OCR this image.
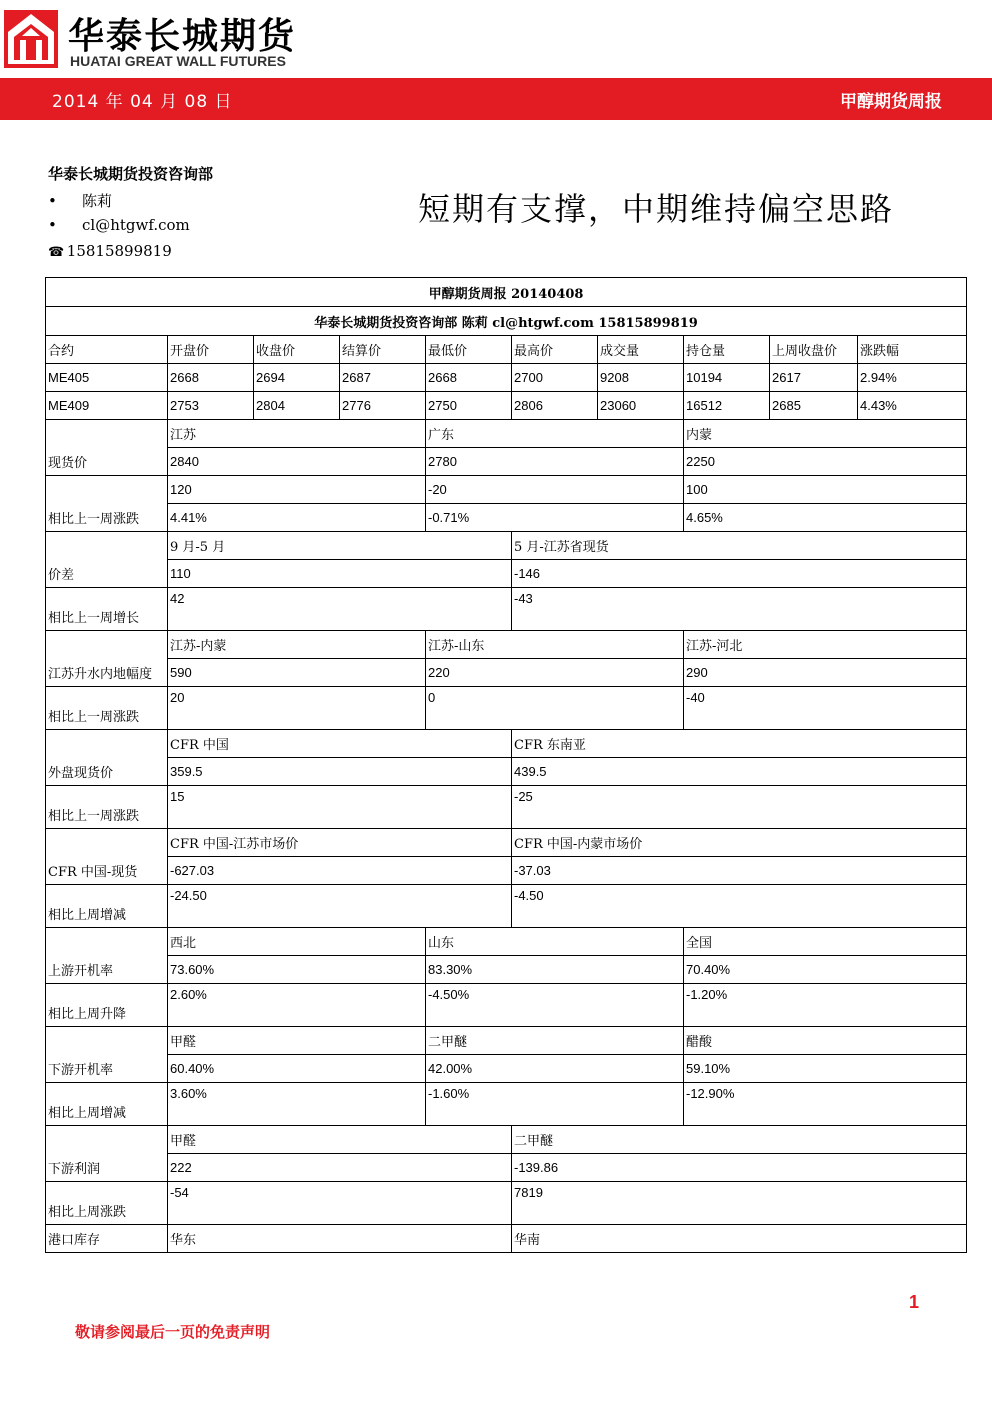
华泰长城期货
HUATAI GREAT WALL FUTURES
2014 年 04 月 08 日	甲醇期货周报
华泰长城期货投资咨询部
• 陈莉
• cl@htgwf.com
☎ 15815899819
短期有支撑，中期维持偏空思路
甲醇期货周报 20140408									
华泰长城期货投资咨询部 陈莉 cl@htgwf.com 15815899819									
合约	开盘价	收盘价	结算价	最低价	最高价	成交量	持仓量	上周收盘价	涨跌幅
ME405	2668	2694	2687	2668	2700	9208	10194	2617	2.94%
ME409	2753	2804	2776	2750	2806	23060	16512	2685	4.43%
现货价	江苏			广东			内蒙		
	2840			2780			2250		
相比上一周涨跌	120			-20			100		
	4.41%			-0.71%			4.65%		
价差	9 月-5 月				5 月-江苏省现货				
	110				-146				
相比上一周增长	42				-43				
江苏升水内地幅度	江苏-内蒙			江苏-山东			江苏-河北		
	590			220			290		
相比上一周涨跌	20			0			-40		
外盘现货价	CFR 中国				CFR 东南亚				
	359.5				439.5				
相比上一周涨跌	15				-25				
CFR 中国-现货	CFR 中国-江苏市场价				CFR 中国-内蒙市场价				
	-627.03				-37.03				
相比上周增减	-24.50				-4.50				
上游开机率	西北			山东			全国		
	73.60%			83.30%			70.40%		
相比上周升降	2.60%			-4.50%			-1.20%		
下游开机率	甲醛			二甲醚			醋酸		
	60.40%			42.00%			59.10%		
相比上周增减	3.60%			-1.60%			-12.90%		
下游利润	甲醛				二甲醚				
	222				-139.86				
相比上周涨跌	-54				7819				
港口库存	华东				华南				
1
敬请参阅最后一页的免责声明
